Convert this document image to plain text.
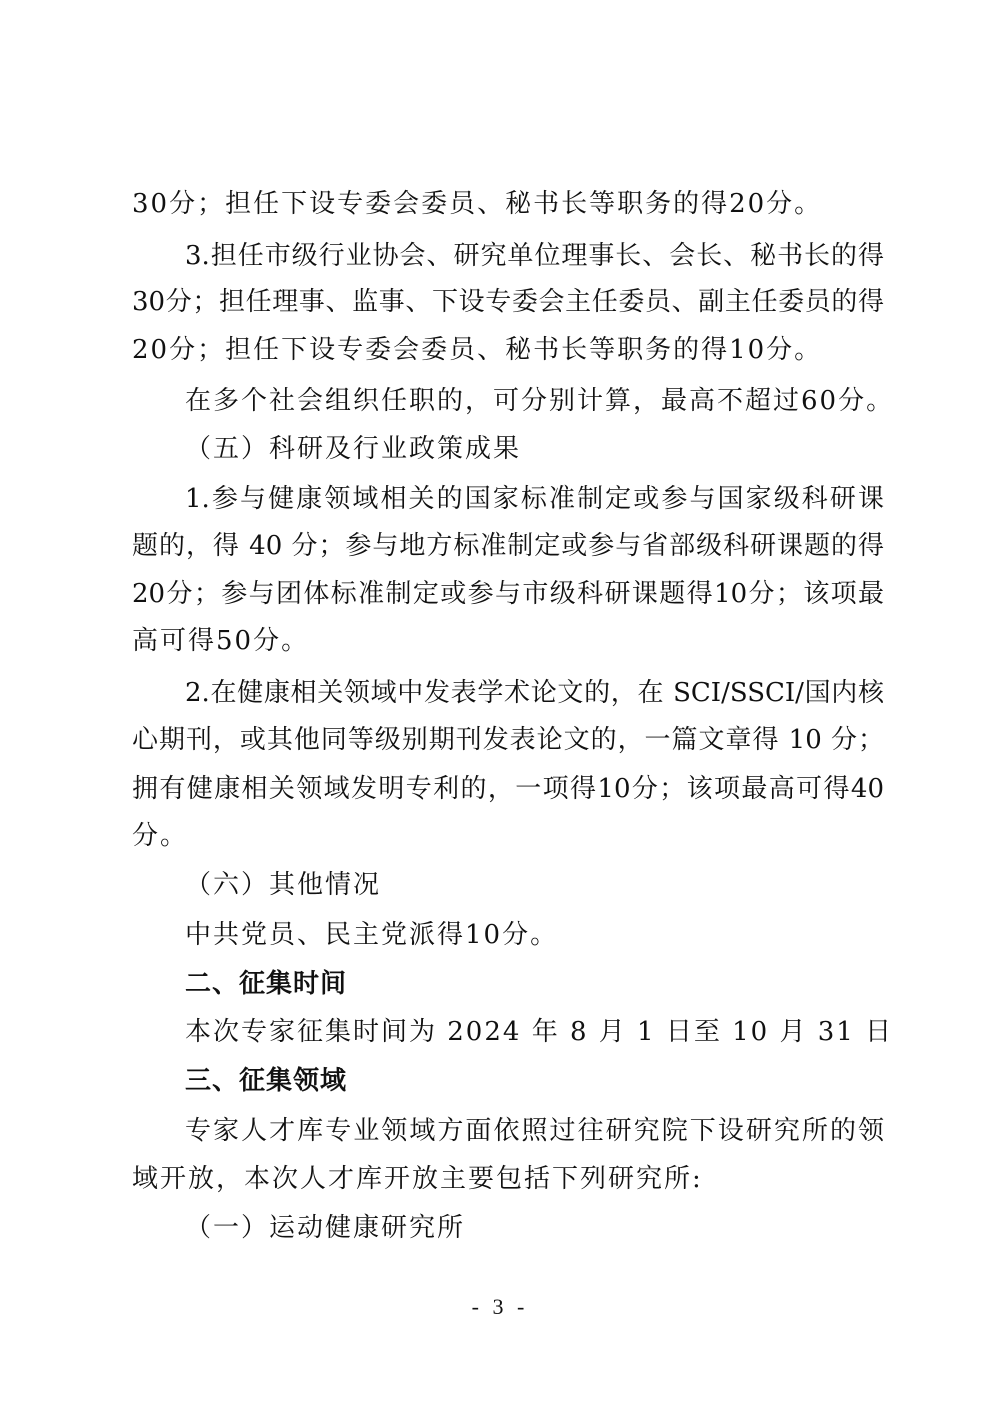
30分；担任下设专委会委员、秘书长等职务的得20分。
3.担任市级行业协会、研究单位理事长、会长、秘书长的得
30分；担任理事、监事、下设专委会主任委员、副主任委员的得
20分；担任下设专委会委员、秘书长等职务的得10分。
在多个社会组织任职的，可分别计算，最高不超过60分。
（五）科研及行业政策成果
1.参与健康领域相关的国家标准制定或参与国家级科研课
题的，得 40 分；参与地方标准制定或参与省部级科研课题的得
20分；参与团体标准制定或参与市级科研课题得10分；该项最
高可得50分。
2.在健康相关领域中发表学术论文的，在 SCI/SSCI/国内核
心期刊，或其他同等级别期刊发表论文的，一篇文章得 10 分；
拥有健康相关领域发明专利的，一项得10分；该项最高可得40
分。
（六）其他情况
中共党员、民主党派得10分。
二、征集时间
本次专家征集时间为 2024 年 8 月 1 日至 10 月 31 日
三、征集领域
专家人才库专业领域方面依照过往研究院下设研究所的领
域开放，本次人才库开放主要包括下列研究所:
（一）运动健康研究所
- 3 -
